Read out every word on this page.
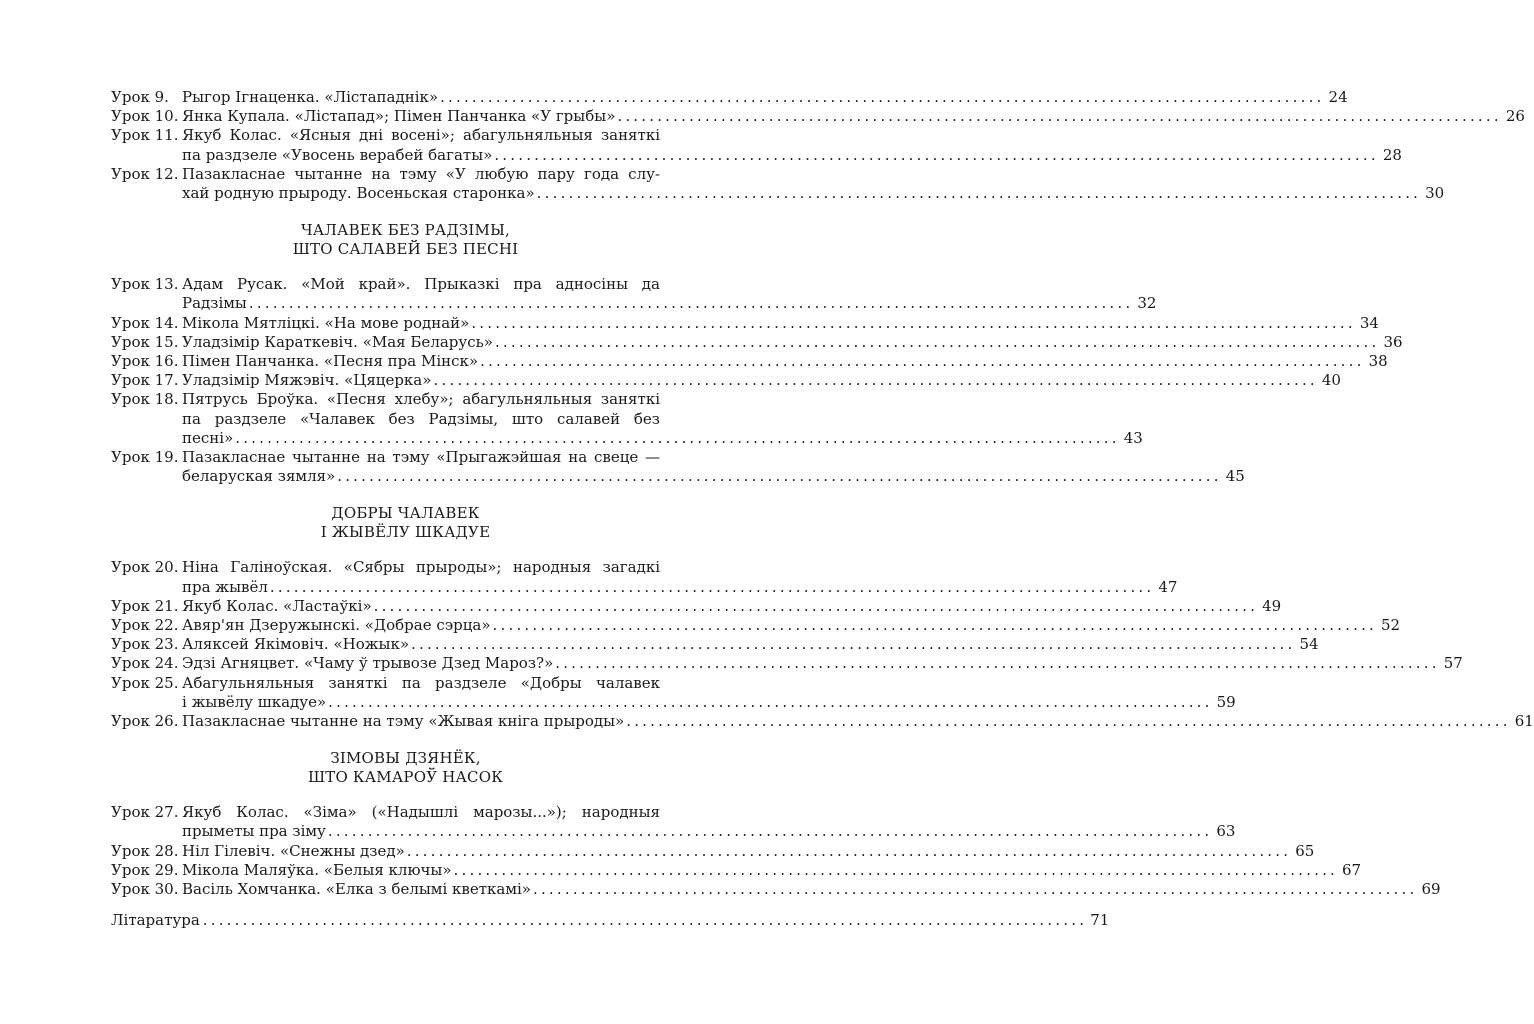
Урок 9. Рыгор Ігнаценка. «Лістападнік» ............................................................................................................... 24
Урок 10. Янка Купала. «Лістапад»; Пімен Панчанка «У грыбы» ............................................................................................................... 26
Урок 11. Якуб Колас. «Ясныя дні восені»; абагульняльныя заняткі
па раздзеле «Увосень верабей багаты» ............................................................................................................... 28
Урок 12. Пазакласнае чытанне на тэму «У любую пару года слу-
хай родную прыроду. Восеньская старонка» ............................................................................................................... 30
ЧАЛАВЕК БЕЗ РАДЗІМЫ,
ШТО САЛАВЕЙ БЕЗ ПЕСНІ
Урок 13. Адам Русак. «Мой край». Прыказкі пра адносіны да
Радзімы ............................................................................................................... 32
Урок 14. Мікола Мятліцкі. «На мове роднай» ............................................................................................................... 34
Урок 15. Уладзімір Караткевіч. «Мая Беларусь» ............................................................................................................... 36
Урок 16. Пімен Панчанка. «Песня пра Мінск» ............................................................................................................... 38
Урок 17. Уладзімір Мяжэвіч. «Цяцерка» ............................................................................................................... 40
Урок 18. Пятрусь Броўка. «Песня хлебу»; абагульняльныя заняткі
па раздзеле «Чалавек без Радзімы, што салавей без
песні» ............................................................................................................... 43
Урок 19. Пазакласнае чытанне на тэму «Прыгажэйшая на свеце —
беларуская зямля» ............................................................................................................... 45
ДОБРЫ ЧАЛАВЕК
І ЖЫВЁЛУ ШКАДУЕ
Урок 20. Ніна Галіноўская. «Сябры прыроды»; народныя загадкі
пра жывёл ............................................................................................................... 47
Урок 21. Якуб Колас. «Ластаўкі» ............................................................................................................... 49
Урок 22. Авяр'ян Дзеружынскі. «Добрае сэрца» ............................................................................................................... 52
Урок 23. Аляксей Якімовіч. «Ножык» ............................................................................................................... 54
Урок 24. Эдзі Агняцвет. «Чаму ў трывозе Дзед Мароз?» ............................................................................................................... 57
Урок 25. Абагульняльныя заняткі па раздзеле «Добры чалавек
і жывёлу шкадуе» ............................................................................................................... 59
Урок 26. Пазакласнае чытанне на тэму «Жывая кніга прыроды» ............................................................................................................... 61
ЗІМОВЫ ДЗЯНЁК,
ШТО КАМАРОЎ НАСОК
Урок 27. Якуб Колас. «Зіма» («Надышлі марозы...»); народныя
прыметы пра зіму ............................................................................................................... 63
Урок 28. Ніл Гілевіч. «Снежны дзед» ............................................................................................................... 65
Урок 29. Мікола Маляўка. «Белыя ключы» ............................................................................................................... 67
Урок 30. Васіль Хомчанка. «Елка з белымі кветкамі» ............................................................................................................... 69
Літаратура ............................................................................................................... 71
